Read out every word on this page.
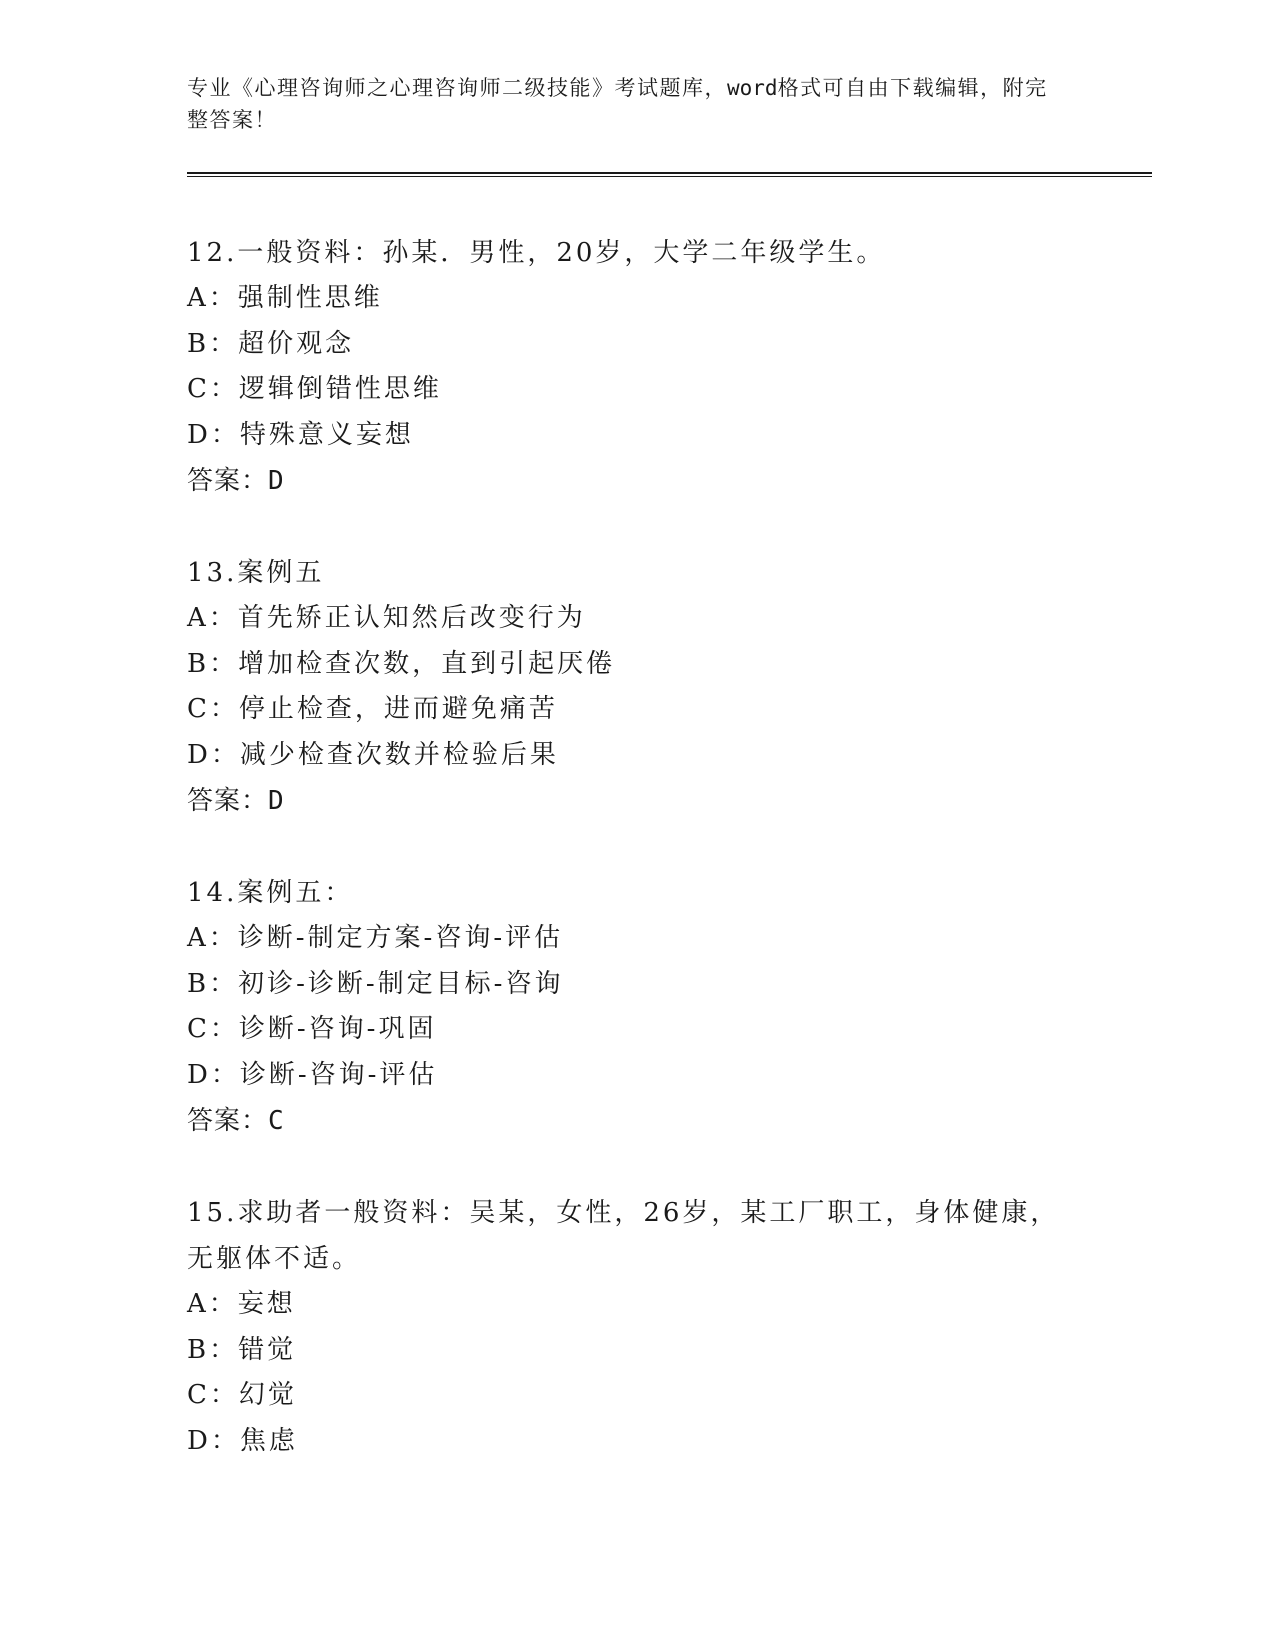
专业《心理咨询师之心理咨询师二级技能》考试题库，word格式可自由下载编辑，附完整答案！

12.一般资料：孙某．男性，20岁，大学二年级学生。

A：强制性思维

B：超价观念

C：逻辑倒错性思维

D：特殊意义妄想

答案：D

13.案例五

A：首先矫正认知然后改变行为

B：增加检查次数，直到引起厌倦

C：停止检查，进而避免痛苦

D：减少检查次数并检验后果

答案：D

14.案例五：

A：诊断-制定方案-咨询-评估

B：初诊-诊断-制定目标-咨询

C：诊断-咨询-巩固

D：诊断-咨询-评估

答案：C

15.求助者一般资料：吴某，女性，26岁，某工厂职工，身体健康，无躯体不适。

A：妄想

B：错觉

C：幻觉

D：焦虑
